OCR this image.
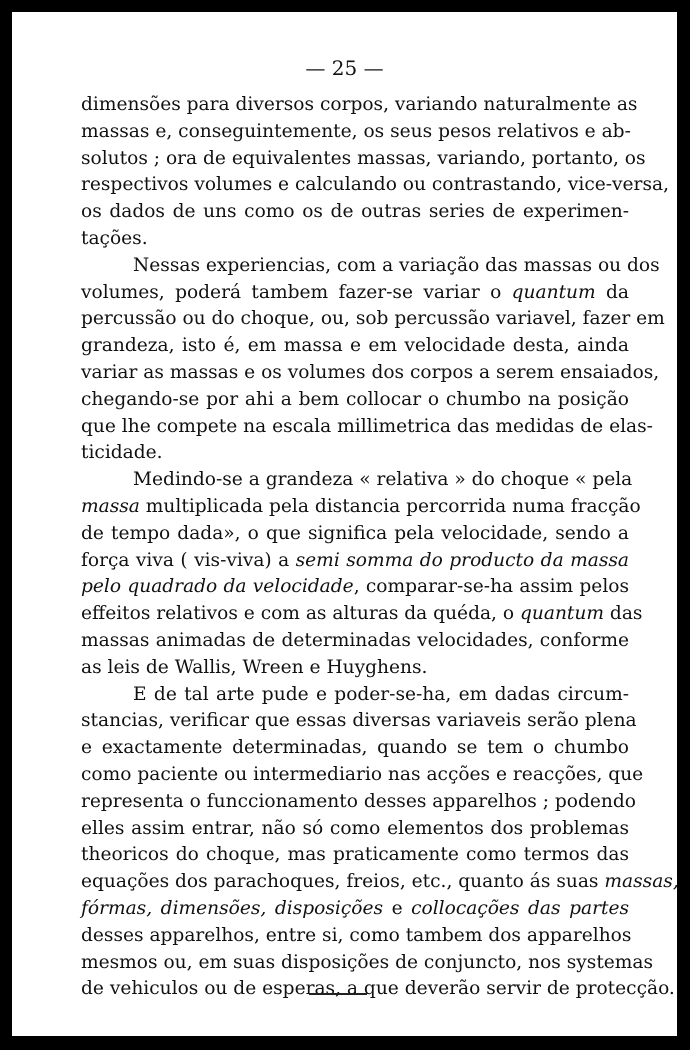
— 25 —
dimensões para diversos corpos, variando naturalmente as
massas e, conseguintemente, os seus pesos relativos e ab-
solutos ; ora de equivalentes massas, variando, portanto, os
respectivos volumes e calculando ou contrastando, vice-versa,
os dados de uns como os de outras series de experimen-
tações.
Nessas experiencias, com a variação das massas ou dos
volumes, poderá tambem fazer-se variar o quantum da
percussão ou do choque, ou, sob percussão variavel, fazer em
grandeza, isto é, em massa e em velocidade desta, ainda
variar as massas e os volumes dos corpos a serem ensaiados,
chegando-se por ahi a bem collocar o chumbo na posição
que lhe compete na escala millimetrica das medidas de elas-
ticidade.
Medindo-se a grandeza « relativa » do choque « pela
massa multiplicada pela distancia percorrida numa fracção
de tempo dada», o que significa pela velocidade, sendo a
força viva ( vis-viva) a semi somma do producto da massa
pelo quadrado da velocidade, comparar-se-ha assim pelos
effeitos relativos e com as alturas da quéda, o quantum das
massas animadas de determinadas velocidades, conforme
as leis de Wallis, Wreen e Huyghens.
E de tal arte pude e poder-se-ha, em dadas circum-
stancias, verificar que essas diversas variaveis serão plena
e exactamente determinadas, quando se tem o chumbo
como paciente ou intermediario nas acções e reacções, que
representa o funccionamento desses apparelhos ; podendo
elles assim entrar, não só como elementos dos problemas
theoricos do choque, mas praticamente como termos das
equações dos parachoques, freios, etc., quanto ás suas massas,
fórmas, dimensões, disposições e collocações das partes
desses apparelhos, entre si, como tambem dos apparelhos
mesmos ou, em suas disposições de conjuncto, nos systemas
de vehiculos ou de esperas, a que deverão servir de protecção.
